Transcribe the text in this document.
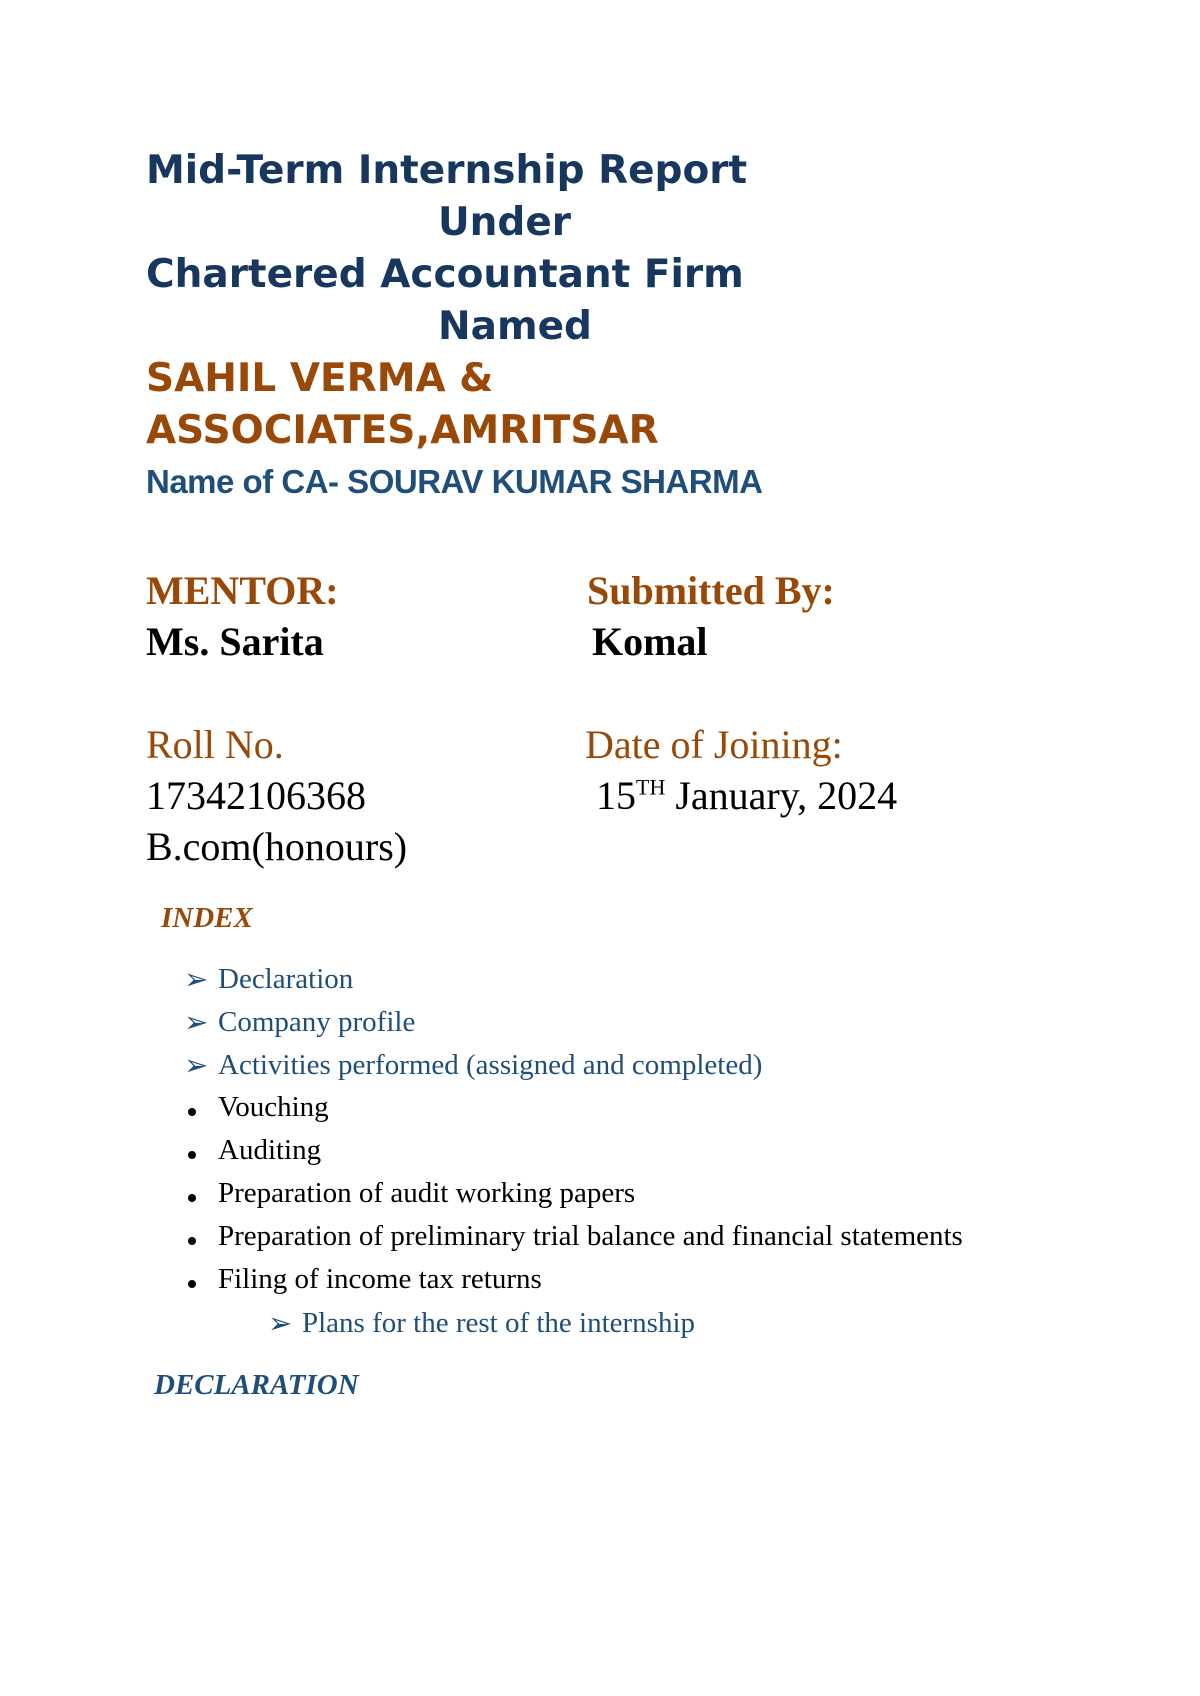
Mid-Term Internship Report
Under
Chartered Accountant Firm
Named
SAHIL VERMA &
ASSOCIATES,AMRITSAR
Name of CA- SOURAV KUMAR SHARMA
MENTOR:
Ms. Sarita
Submitted By:
Komal
Roll No.
17342106368
B.com(honours)
Date of Joining:
15TH January, 2024
INDEX
➢ Declaration
➢ Company profile
➢ Activities performed (assigned and completed)
Vouching
Auditing
Preparation of audit working papers
Preparation of preliminary trial balance and financial statements
Filing of income tax returns
➢ Plans for the rest of the internship
DECLARATION
